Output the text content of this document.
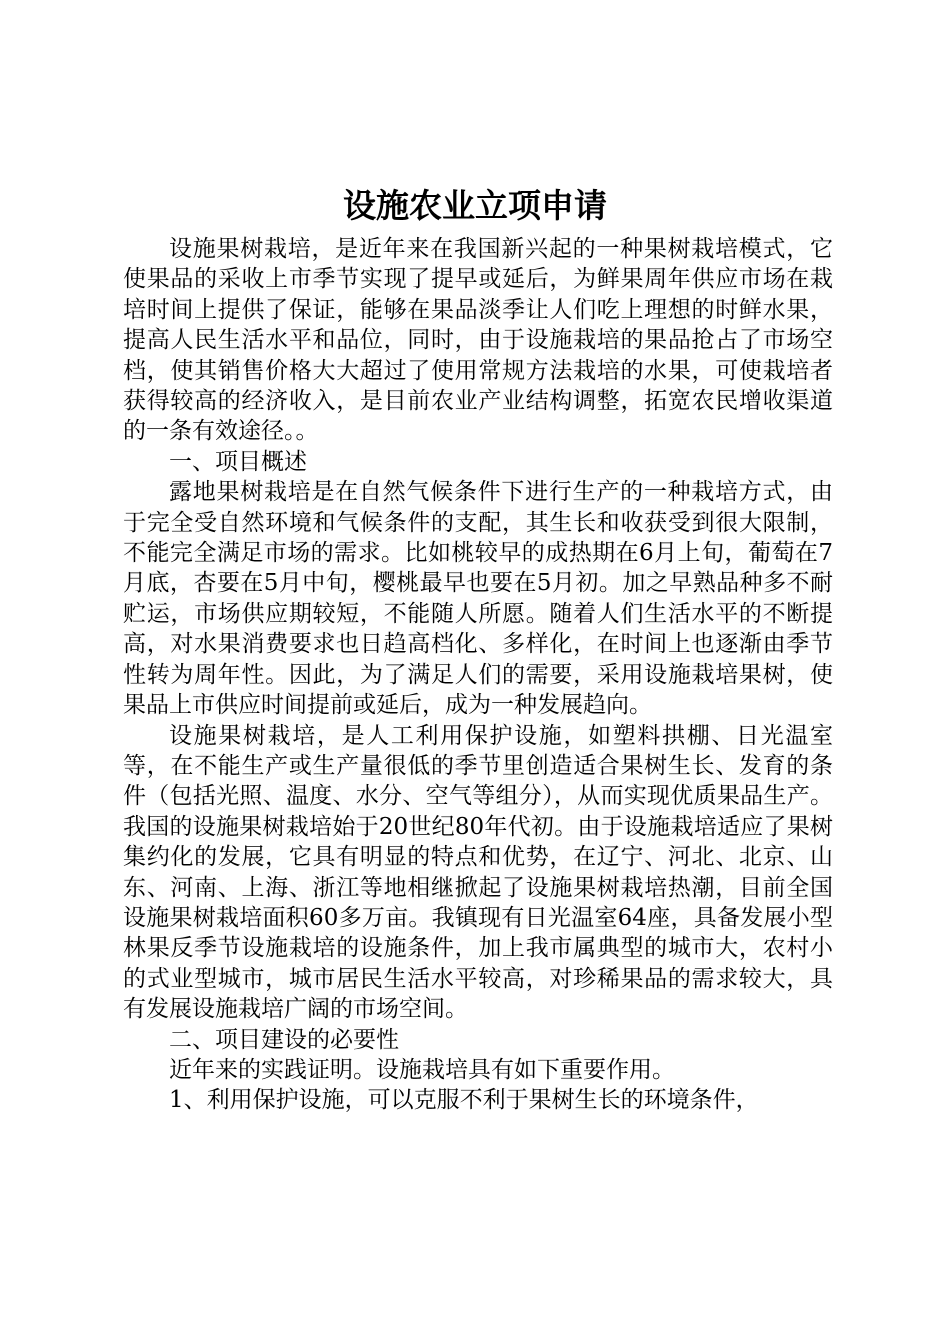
设施农业立项申请

设施果树栽培，是近年来在我国新兴起的一种果树栽培模式，它使果品的采收上市季节实现了提早或延后，为鲜果周年供应市场在栽培时间上提供了保证，能够在果品淡季让人们吃上理想的时鲜水果，提高人民生活水平和品位，同时，由于设施栽培的果品抢占了市场空档，使其销售价格大大超过了使用常规方法栽培的水果，可使栽培者获得较高的经济收入，是目前农业产业结构调整，拓宽农民增收渠道的一条有效途径。。

一、项目概述

露地果树栽培是在自然气候条件下进行生产的一种栽培方式，由于完全受自然环境和气候条件的支配，其生长和收获受到很大限制，不能完全满足市场的需求。比如桃较早的成热期在6月上旬，葡萄在7月底，杏要在5月中旬，樱桃最早也要在5月初。加之早熟品种多不耐贮运，市场供应期较短，不能随人所愿。随着人们生活水平的不断提高，对水果消费要求也日趋高档化、多样化，在时间上也逐渐由季节性转为周年性。因此，为了满足人们的需要，采用设施栽培果树，使果品上市供应时间提前或延后，成为一种发展趋向。

设施果树栽培，是人工利用保护设施，如塑料拱棚、日光温室等，在不能生产或生产量很低的季节里创造适合果树生长、发育的条件（包括光照、温度、水分、空气等组分），从而实现优质果品生产。我国的设施果树栽培始于20世纪80年代初。由于设施栽培适应了果树集约化的发展，它具有明显的特点和优势，在辽宁、河北、北京、山东、河南、上海、浙江等地相继掀起了设施果树栽培热潮，目前全国设施果树栽培面积60多万亩。我镇现有日光温室64座，具备发展小型林果反季节设施栽培的设施条件，加上我市属典型的城市大，农村小的式业型城市，城市居民生活水平较高，对珍稀果品的需求较大，具有发展设施栽培广阔的市场空间。

二、项目建设的必要性

近年来的实践证明。设施栽培具有如下重要作用。

1、利用保护设施，可以克服不利于果树生长的环境条件，
